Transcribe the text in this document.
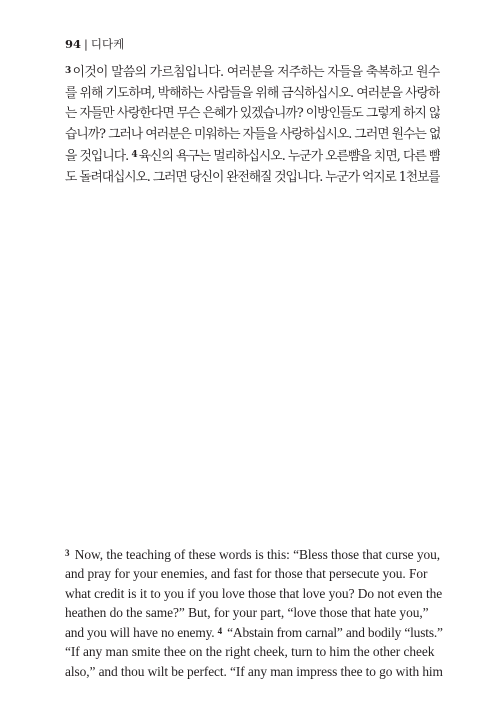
94 | 디다케
$^3$ 이것이 말씀의 가르침입니다. 여러분을 저주하는 자들을 축복하고 원수
를 위해 기도하며, 박해하는 사람들을 위해 금식하십시오. 여러분을 사랑하
는 자들만 사랑한다면 무슨 은혜가 있겠습니까? 이방인들도 그렇게 하지 않
습니까? 그러나 여러분은 미워하는 자들을 사랑하십시오. 그러면 원수는 없
을 것입니다. $^4$ 육신의 욕구는 멀리하십시오. 누군가 오른뺨을 치면, 다른 뺨
도 돌려대십시오. 그러면 당신이 완전해질 것입니다. 누군가 억지로 1천보를
$^3$ Now, the teaching of these words is this: “Bless those that curse you,
and pray for your enemies, and fast for those that persecute you. For
what credit is it to you if you love those that love you? Do not even the
heathen do the same?” But, for your part, “love those that hate you,”
and you will have no enemy. $^4$ “Abstain from carnal” and bodily “lusts.”
“If any man smite thee on the right cheek, turn to him the other cheek
also,” and thou wilt be perfect. “If any man impress thee to go with him
